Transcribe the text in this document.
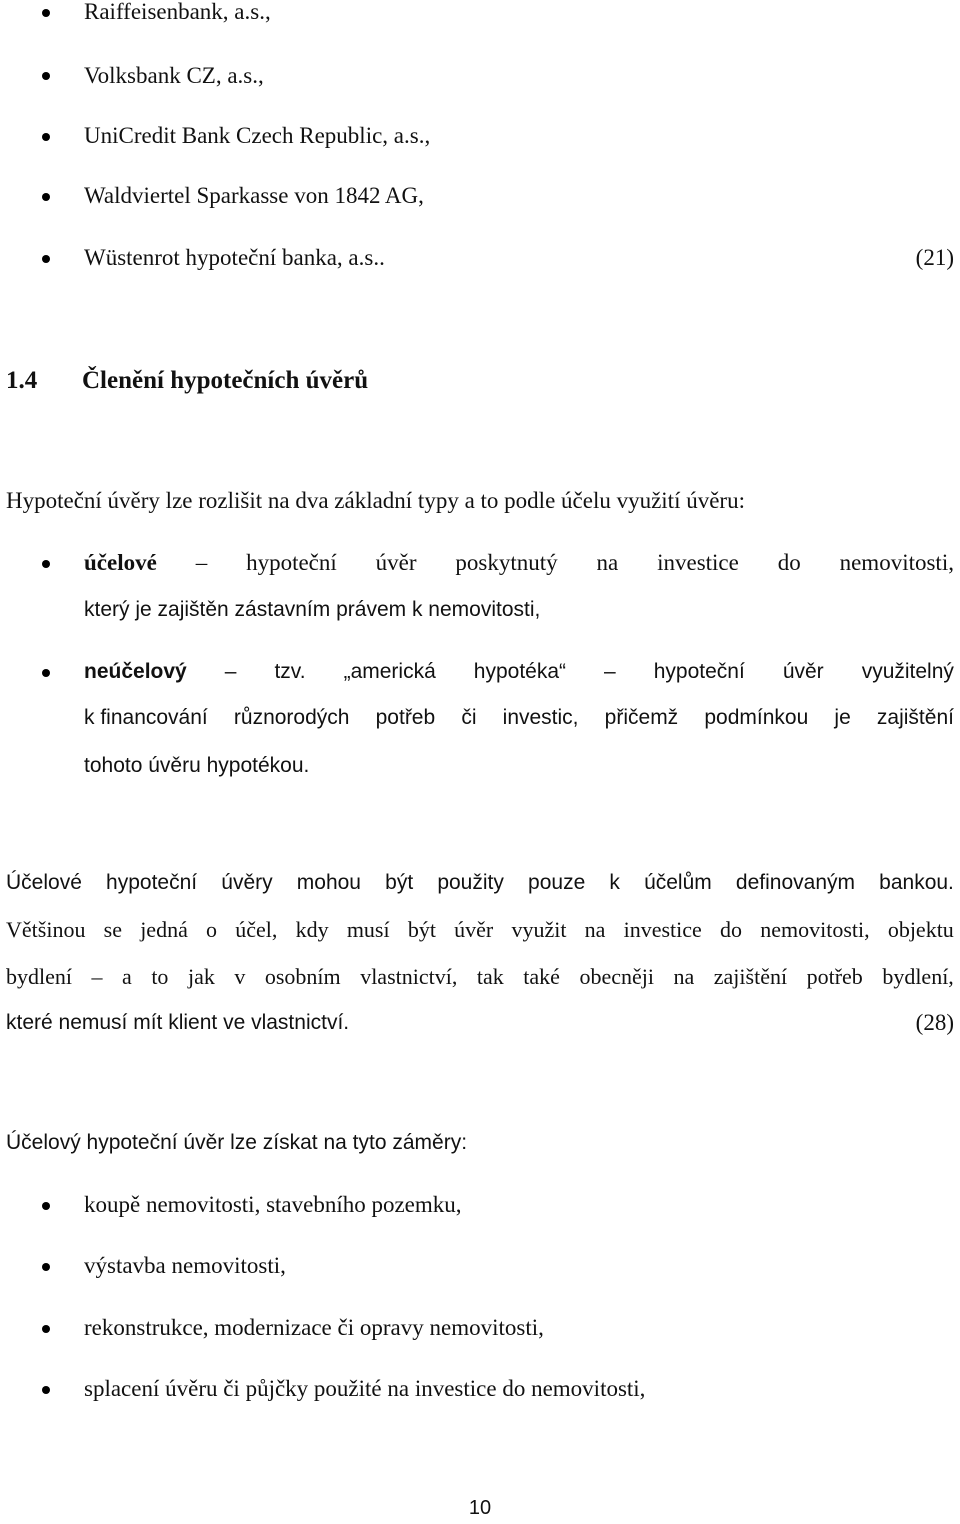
Raiffeisenbank, a.s.,
Volksbank CZ, a.s.,
UniCredit Bank Czech Republic, a.s.,
Waldviertel Sparkasse von 1842 AG,
Wüstenrot hypoteční banka, a.s..	(21)
1.4 Členění hypotečních úvěrů
Hypoteční úvěry lze rozlišit na dva základní typy a to podle účelu využití úvěru:
účelové – hypoteční úvěr poskytnutý na investice do nemovitosti,
který je zajištěn zástavním právem k nemovitosti,
neúčelový – tzv. „americká hypotéka“ – hypoteční úvěr využitelný
k financování různorodých potřeb či investic, přičemž podmínkou je zajištění
tohoto úvěru hypotékou.
Účelové hypoteční úvěry mohou být použity pouze k účelům definovaným bankou.
Většinou se jedná o účel, kdy musí být úvěr využit na investice do nemovitosti, objektu
bydlení – a to jak v osobním vlastnictví, tak také obecněji na zajištění potřeb bydlení,
které nemusí mít klient ve vlastnictví.	(28)
Účelový hypoteční úvěr lze získat na tyto záměry:
koupě nemovitosti, stavebního pozemku,
výstavba nemovitosti,
rekonstrukce, modernizace či opravy nemovitosti,
splacení úvěru či půjčky použité na investice do nemovitosti,
10
